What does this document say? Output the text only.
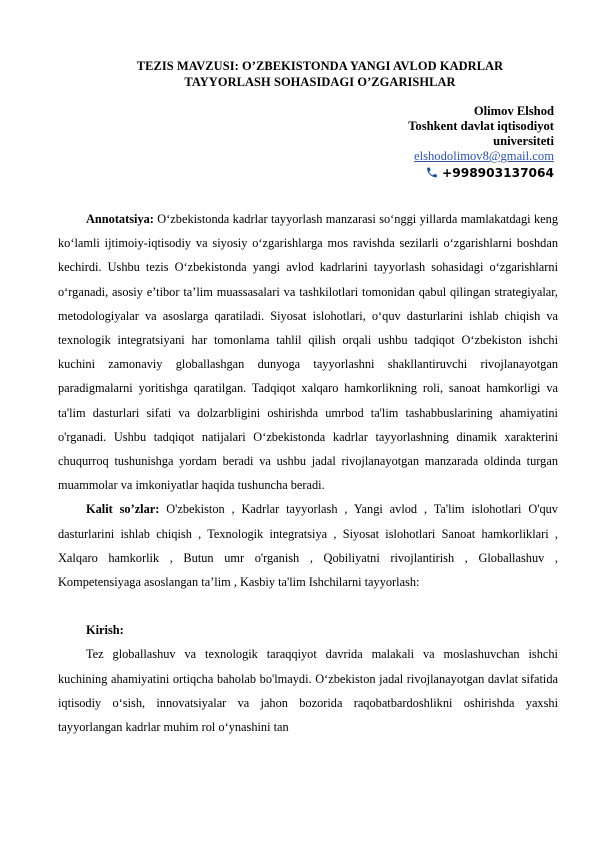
TEZIS MAVZUSI: O’ZBEKISTONDA YANGI AVLOD KADRLAR
TAYYORLASH SOHASIDAGI O’ZGARISHLAR
Olimov Elshod
Toshkent davlat iqtisodiyot
universiteti
elshodolimov8@gmail.com
+998903137064

Annotatsiya: O‘zbekistonda kadrlar tayyorlash manzarasi so‘nggi yillarda mamlakatdagi keng ko‘lamli ijtimoiy-iqtisodiy va siyosiy o‘zgarishlarga mos ravishda sezilarli o‘zgarishlarni boshdan kechirdi. Ushbu tezis O‘zbekistonda yangi avlod kadrlarini tayyorlash sohasidagi o‘zgarishlarni o‘rganadi, asosiy e’tibor ta’lim muassasalari va tashkilotlari tomonidan qabul qilingan strategiyalar, metodologiyalar va asoslarga qaratiladi. Siyosat islohotlari, o‘quv dasturlarini ishlab chiqish va texnologik integratsiyani har tomonlama tahlil qilish orqali ushbu tadqiqot O‘zbekiston ishchi kuchini zamonaviy globallashgan dunyoga tayyorlashni shakllantiruvchi rivojlanayotgan paradigmalarni yoritishga qaratilgan. Tadqiqot xalqaro hamkorlikning roli, sanoat hamkorligi va ta'lim dasturlari sifati va dolzarbligini oshirishda umrbod ta'lim tashabbuslarining ahamiyatini o'rganadi. Ushbu tadqiqot natijalari O‘zbekistonda kadrlar tayyorlashning dinamik xarakterini chuqurroq tushunishga yordam beradi va ushbu jadal rivojlanayotgan manzarada oldinda turgan muammolar va imkoniyatlar haqida tushuncha beradi.

Kalit so’zlar: O'zbekiston , Kadrlar tayyorlash , Yangi avlod , Ta'lim islohotlari O'quv dasturlarini ishlab chiqish , Texnologik integratsiya , Siyosat islohotlari Sanoat hamkorliklari , Xalqaro hamkorlik , Butun umr o'rganish , Qobiliyatni rivojlantirish , Globallashuv , Kompetensiyaga asoslangan ta’lim , Kasbiy ta'lim Ishchilarni tayyorlash:

Kirish:

Tez globallashuv va texnologik taraqqiyot davrida malakali va moslashuvchan ishchi kuchining ahamiyatini ortiqcha baholab bo'lmaydi. O‘zbekiston jadal rivojlanayotgan davlat sifatida iqtisodiy o‘sish, innovatsiyalar va jahon bozorida raqobatbardoshlikni oshirishda yaxshi tayyorlangan kadrlar muhim rol o‘ynashini tan
